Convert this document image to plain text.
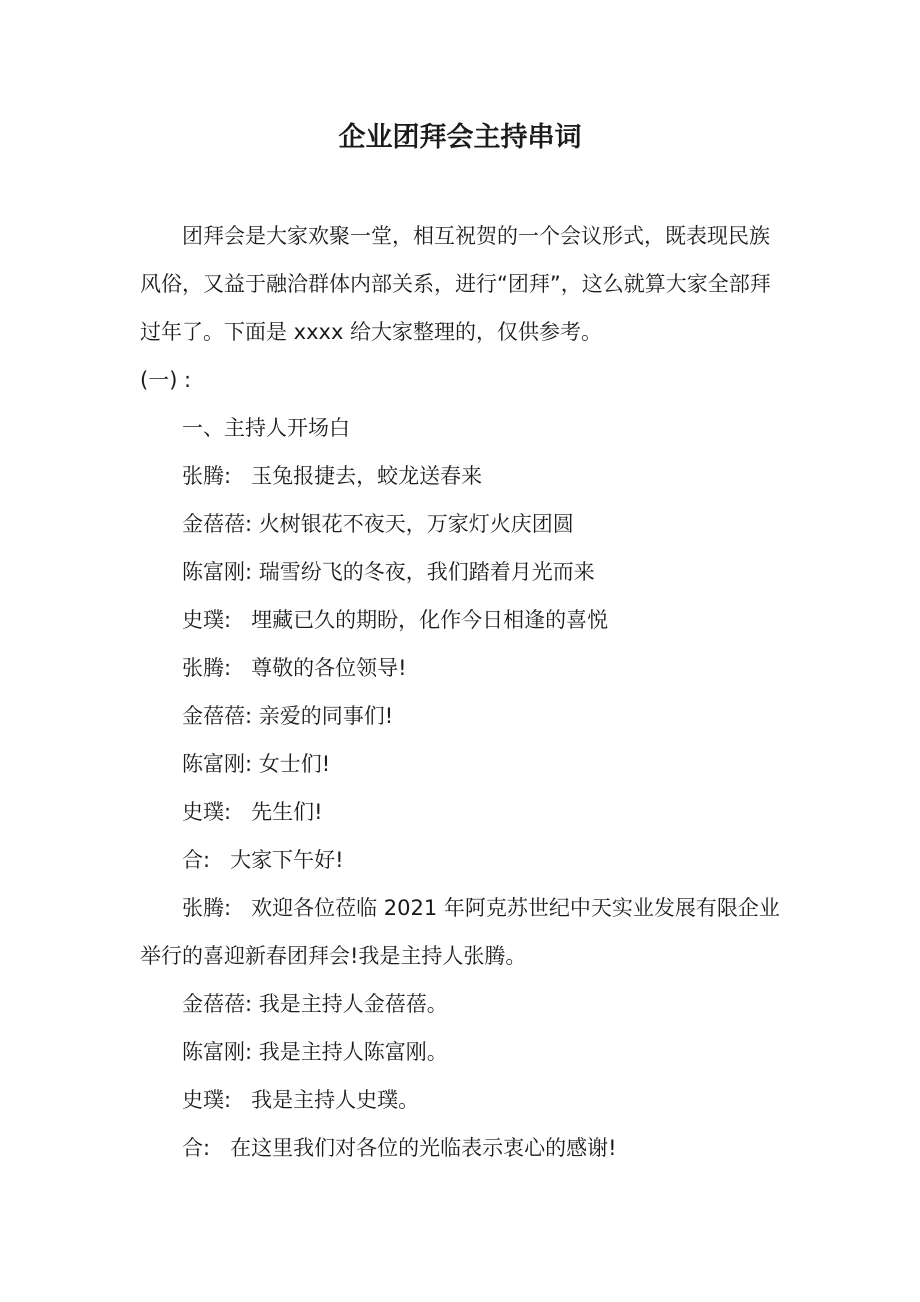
企业团拜会主持串词

团拜会是大家欢聚一堂，相互祝贺的一个会议形式，既表现民族风俗，又益于融洽群体内部关系，进行“团拜”，这么就算大家全部拜过年了。下面是 xxxx 给大家整理的，仅供参考。

(一) :

一、主持人开场白

张腾:   玉兔报捷去，蛟龙送春来

金蓓蓓: 火树银花不夜天，万家灯火庆团圆

陈富刚: 瑞雪纷飞的冬夜，我们踏着月光而来

史璞:   埋藏已久的期盼，化作今日相逢的喜悦

张腾:   尊敬的各位领导!

金蓓蓓: 亲爱的同事们!

陈富刚: 女士们!

史璞:   先生们!

合:   大家下午好!

张腾:   欢迎各位莅临 2021 年阿克苏世纪中天实业发展有限企业举行的喜迎新春团拜会!我是主持人张腾。

金蓓蓓: 我是主持人金蓓蓓。

陈富刚: 我是主持人陈富刚。

史璞:   我是主持人史璞。

合:   在这里我们对各位的光临表示衷心的感谢!
